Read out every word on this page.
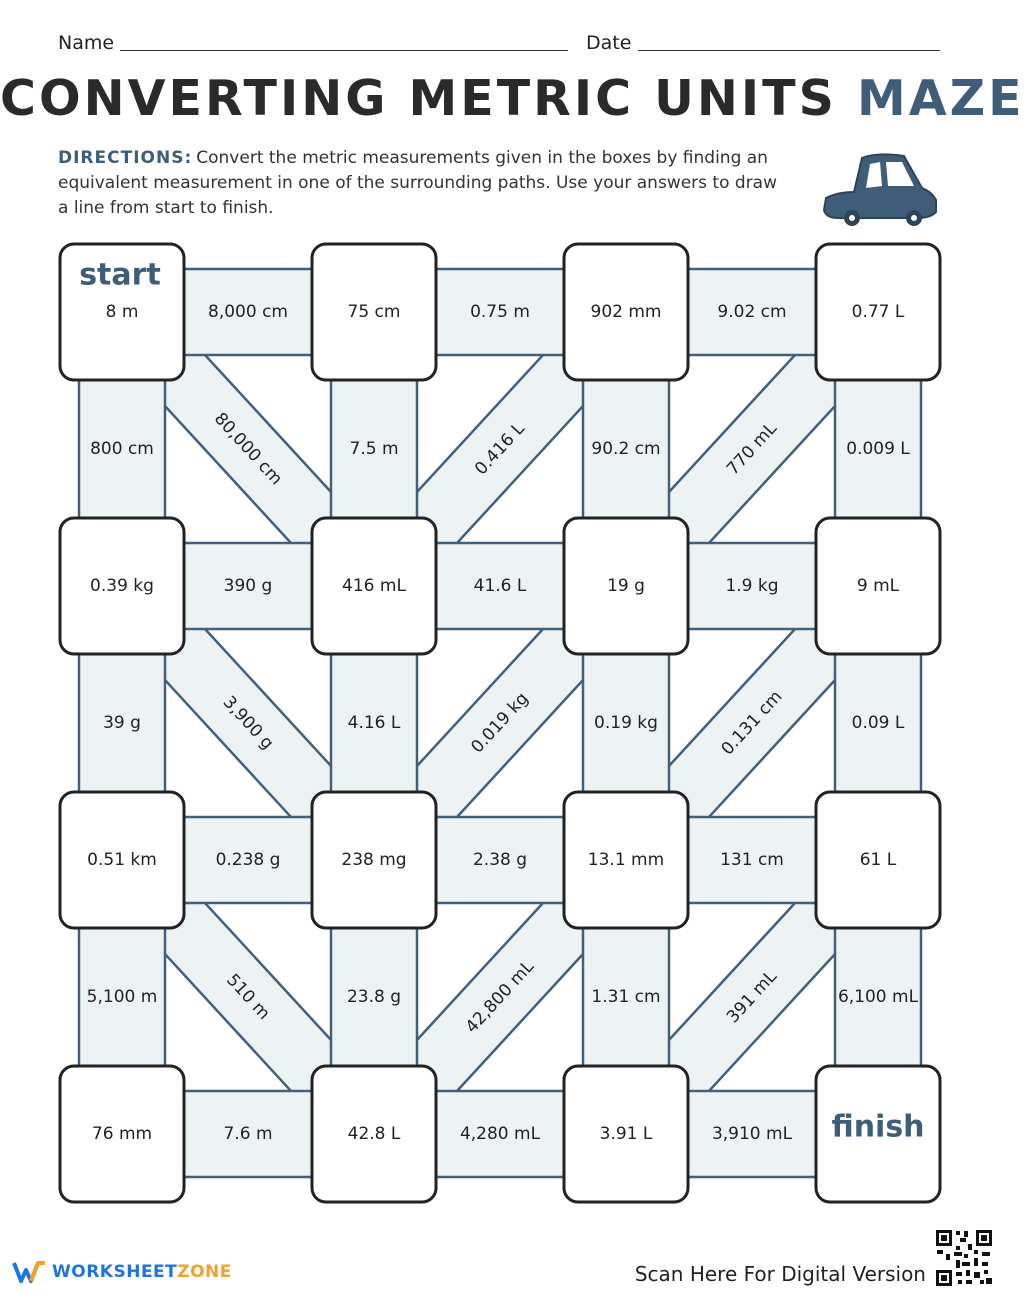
Name	Date
CONVERTING METRIC UNITS MAZE
DIRECTIONS: Convert the metric measurements given in the boxes by finding an equivalent measurement in one of the surrounding paths. Use your answers to draw a line from start to finish.
80,000 cm	0.416 L	770 mL
3,900 g	0.019 kg	0.131 cm
510 m	42,800 mL	391 mL
800 cm	7.5 m	90.2 cm	0.009 L
39 g	4.16 L	0.19 kg	0.09 L
5,100 m	23.8 g	1.31 cm	6,100 mL
8,000 cm	0.75 m	9.02 cm
390 g	41.6 L	1.9 kg
0.238 g	2.38 g	131 cm
7.6 m	4,280 mL	3,910 mL
start
8 m	75 cm	902 mm	0.77 L
0.39 kg	416 mL	19 g	9 mL
0.51 km	238 mg	13.1 mm	61 L
76 mm	42.8 L	3.91 L	finish
WORKSHEETZONE	Scan Here For Digital Version
